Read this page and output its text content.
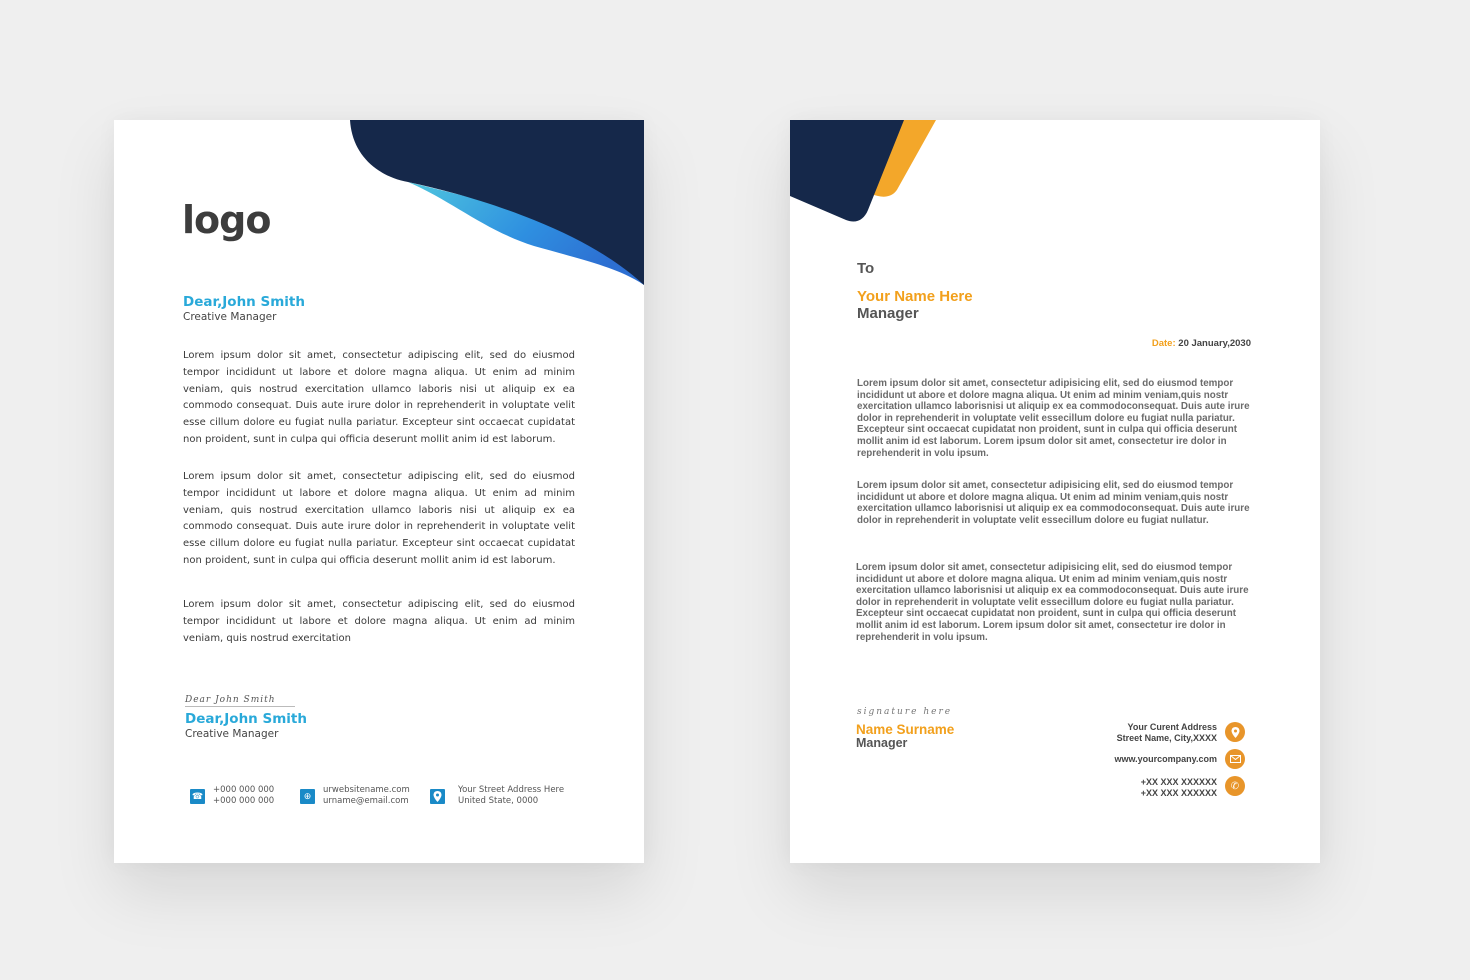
logo
Dear,John Smith
Creative Manager

Lorem ipsum dolor sit amet, consectetur adipiscing elit, sed do eiusmod tempor incididunt ut labore et dolore magna aliqua. Ut enim ad minim veniam, quis nostrud exercitation ullamco laboris nisi ut aliquip ex ea commodo consequat. Duis aute irure dolor in reprehenderit in voluptate velit esse cillum dolore eu fugiat nulla pariatur. Excepteur sint occaecat cupidatat non proident, sunt in culpa qui officia deserunt mollit anim id est laborum.

Lorem ipsum dolor sit amet, consectetur adipiscing elit, sed do eiusmod tempor incididunt ut labore et dolore magna aliqua. Ut enim ad minim veniam, quis nostrud exercitation ullamco laboris nisi ut aliquip ex ea commodo consequat. Duis aute irure dolor in reprehenderit in voluptate velit esse cillum dolore eu fugiat nulla pariatur. Excepteur sint occaecat cupidatat non proident, sunt in culpa qui officia deserunt mollit anim id est laborum.

Lorem ipsum dolor sit amet, consectetur adipiscing elit, sed do eiusmod tempor incididunt ut labore et dolore magna aliqua. Ut enim ad minim veniam, quis nostrud exercitation

Dear John Smith
Dear,John Smith
Creative Manager
☎
+000 000 000
+000 000 000
⊕
urwebsitename.com
urname@email.com
Your Street Address Here
United State, 0000
To
Your Name Here
Manager
Date: 20 January,2030

Lorem ipsum dolor sit amet, consectetur adipisicing elit, sed do eiusmod tempor incididunt ut abore et dolore magna aliqua. Ut enim ad minim veniam,quis nostr exercitation ullamco laborisnisi ut aliquip ex ea commodoconsequat. Duis aute irure dolor in reprehenderit in voluptate velit essecillum dolore eu fugiat nulla pariatur. Excepteur sint occaecat cupidatat non proident, sunt in culpa qui officia deserunt mollit anim id est laborum. Lorem ipsum dolor sit amet, consectetur ire dolor in reprehenderit in volu ipsum.

Lorem ipsum dolor sit amet, consectetur adipisicing elit, sed do eiusmod tempor incididunt ut abore et dolore magna aliqua. Ut enim ad minim veniam,quis nostr exercitation ullamco laborisnisi ut aliquip ex ea commodoconsequat. Duis aute irure dolor in reprehenderit in voluptate velit essecillum dolore eu fugiat nullatur.

Lorem ipsum dolor sit amet, consectetur adipisicing elit, sed do eiusmod tempor incididunt ut abore et dolore magna aliqua. Ut enim ad minim veniam,quis nostr exercitation ullamco laborisnisi ut aliquip ex ea commodoconsequat. Duis aute irure dolor in reprehenderit in voluptate velit essecillum dolore eu fugiat nulla pariatur. Excepteur sint occaecat cupidatat non proident, sunt in culpa qui officia deserunt mollit anim id est laborum. Lorem ipsum dolor sit amet, consectetur ire dolor in reprehenderit in volu ipsum.

signature here
Name Surname
Manager
Your Curent Address
Street Name, City,XXXX
www.yourcompany.com
+XX XXX XXXXXX
+XX XXX XXXXXX
✆
